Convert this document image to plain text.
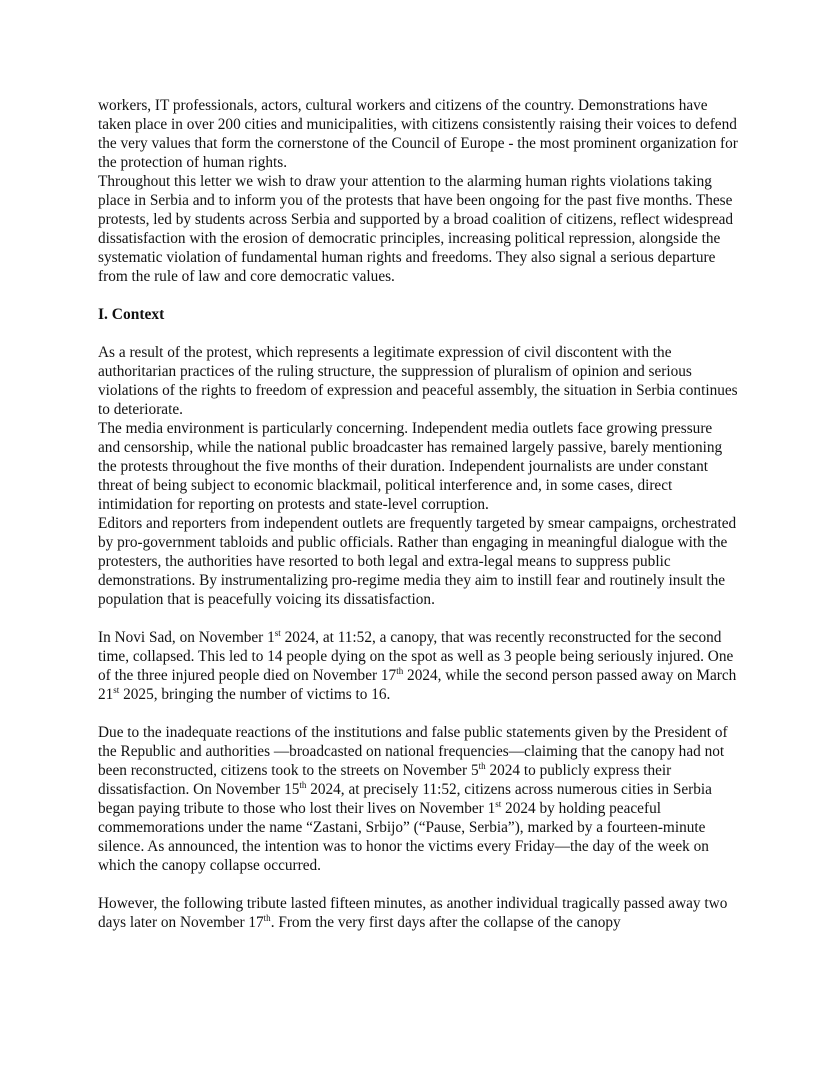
workers, IT professionals, actors, cultural workers and citizens of the country. Demonstrations have taken place in over 200 cities and municipalities, with citizens consistently raising their voices to defend the very values that form the cornerstone of the Council of Europe - the most prominent organization for the protection of human rights.

Throughout this letter we wish to draw your attention to the alarming human rights violations taking place in Serbia and to inform you of the protests that have been ongoing for the past five months. These protests, led by students across Serbia and supported by a broad coalition of citizens, reflect widespread dissatisfaction with the erosion of democratic principles, increasing political repression, alongside the systematic violation of fundamental human rights and freedoms. They also signal a serious departure from the rule of law and core democratic values.

I. Context

As a result of the protest, which represents a legitimate expression of civil discontent with the authoritarian practices of the ruling structure, the suppression of pluralism of opinion and serious violations of the rights to freedom of expression and peaceful assembly, the situation in Serbia continues to deteriorate.

The media environment is particularly concerning. Independent media outlets face growing pressure and censorship, while the national public broadcaster has remained largely passive, barely mentioning the protests throughout the five months of their duration. Independent journalists are under constant threat of being subject to economic blackmail, political interference and, in some cases, direct intimidation for reporting on protests and state-level corruption.

Editors and reporters from independent outlets are frequently targeted by smear campaigns, orchestrated by pro-government tabloids and public officials. Rather than engaging in meaningful dialogue with the protesters, the authorities have resorted to both legal and extra-legal means to suppress public demonstrations. By instrumentalizing pro-regime media they aim to instill fear and routinely insult the population that is peacefully voicing its dissatisfaction.

In Novi Sad, on November 1st 2024, at 11:52, a canopy, that was recently reconstructed for the second time, collapsed. This led to 14 people dying on the spot as well as 3 people being seriously injured. One of the three injured people died on November 17th 2024, while the second person passed away on March 21st 2025, bringing the number of victims to 16.

Due to the inadequate reactions of the institutions and false public statements given by the President of the Republic and authorities —broadcasted on national frequencies—claiming that the canopy had not been reconstructed, citizens took to the streets on November 5th 2024 to publicly express their dissatisfaction. On November 15th 2024, at precisely 11:52, citizens across numerous cities in Serbia began paying tribute to those who lost their lives on November 1st 2024 by holding peaceful commemorations under the name “Zastani, Srbijo” (“Pause, Serbia”), marked by a fourteen-minute silence. As announced, the intention was to honor the victims every Friday—the day of the week on which the canopy collapse occurred.

However, the following tribute lasted fifteen minutes, as another individual tragically passed away two days later on November 17th. From the very first days after the collapse of the canopy
